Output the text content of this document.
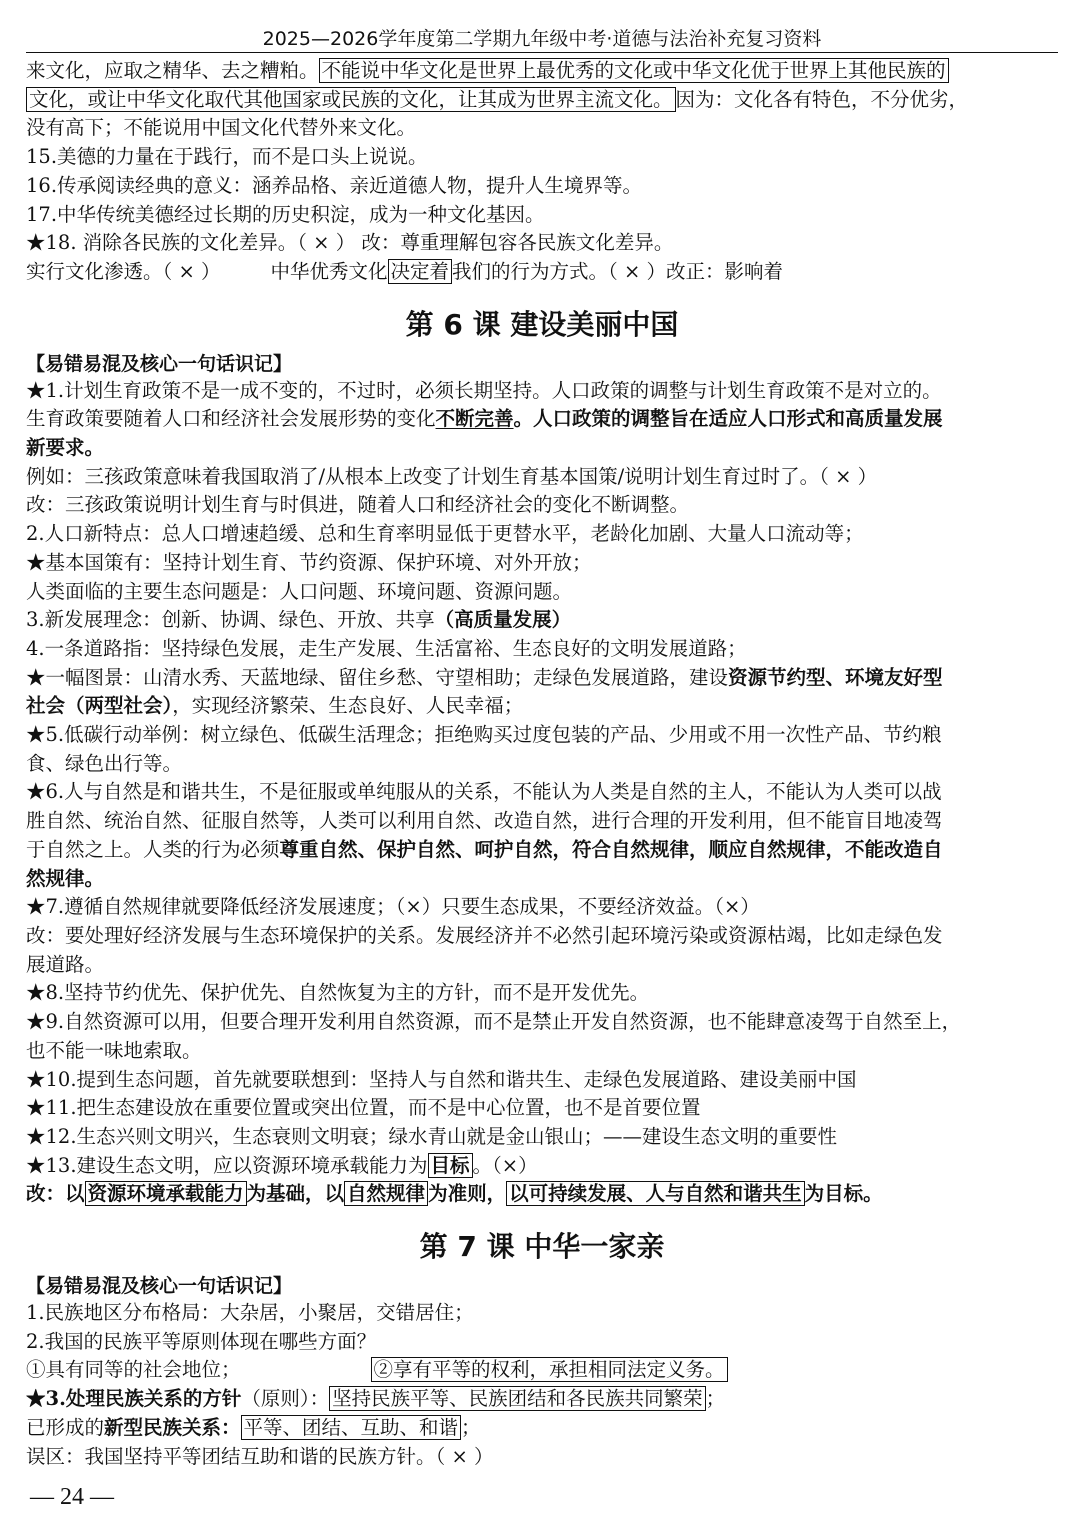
2025—2026学年度第二学期九年级中考·道德与法治补充复习资料
来文化，应取之精华、去之糟粕。 不能说中华文化是世界上最优秀的文化或中华文化优于世界上其他民族的
文化，或让中华文化取代其他国家或民族的文化，让其成为世界主流文化。 因为：文化各有特色，不分优劣，
没有高下；不能说用中国文化代替外来文化。
15.美德的力量在于践行，而不是口头上说说。
16.传承阅读经典的意义：涵养品格、亲近道德人物，提升人生境界等。
17.中华传统美德经过长期的历史积淀，成为一种文化基因。
★18. 消除各民族的文化差异。（ × ） 改：尊重理解包容各民族文化差异。
实行文化渗透。（ × ）	中华优秀文化 决定着 我们的行为方式。（ × ）改正：影响着
第 6 课 建设美丽中国
【易错易混及核心一句话识记】
★1.计划生育政策不是一成不变的，不过时，必须长期坚持。人口政策的调整与计划生育政策不是对立的。
生育政策要随着人口和经济社会发展形势的变化不断完善。人口政策的调整旨在适应人口形式和高质量发展
新要求。
例如：三孩政策意味着我国取消了/从根本上改变了计划生育基本国策/说明计划生育过时了。（ × ）
改：三孩政策说明计划生育与时俱进，随着人口和经济社会的变化不断调整。
2.人口新特点：总人口增速趋缓、总和生育率明显低于更替水平，老龄化加剧、大量人口流动等；
★基本国策有：坚持计划生育、节约资源、保护环境、对外开放；
人类面临的主要生态问题是：人口问题、环境问题、资源问题。
3.新发展理念：创新、协调、绿色、开放、共享（高质量发展）
4.一条道路指：坚持绿色发展，走生产发展、生活富裕、生态良好的文明发展道路；
★一幅图景：山清水秀、天蓝地绿、留住乡愁、守望相助；走绿色发展道路，建设资源节约型、环境友好型
社会（两型社会），实现经济繁荣、生态良好、人民幸福；
★5.低碳行动举例：树立绿色、低碳生活理念；拒绝购买过度包装的产品、少用或不用一次性产品、节约粮
食、绿色出行等。
★6.人与自然是和谐共生，不是征服或单纯服从的关系，不能认为人类是自然的主人，不能认为人类可以战
胜自然、统治自然、征服自然等，人类可以利用自然、改造自然，进行合理的开发利用，但不能盲目地凌驾
于自然之上。人类的行为必须尊重自然、保护自然、呵护自然，符合自然规律，顺应自然规律，不能改造自
然规律。
★7.遵循自然规律就要降低经济发展速度；（×）只要生态成果，不要经济效益。（×）
改：要处理好经济发展与生态环境保护的关系。发展经济并不必然引起环境污染或资源枯竭，比如走绿色发
展道路。
★8.坚持节约优先、保护优先、自然恢复为主的方针，而不是开发优先。
★9.自然资源可以用，但要合理开发利用自然资源，而不是禁止开发自然资源，也不能肆意凌驾于自然至上，
也不能一味地索取。
★10.提到生态问题，首先就要联想到：坚持人与自然和谐共生、走绿色发展道路、建设美丽中国
★11.把生态建设放在重要位置或突出位置，而不是中心位置，也不是首要位置
★12.生态兴则文明兴，生态衰则文明衰；绿水青山就是金山银山；——建设生态文明的重要性
★13.建设生态文明，应以资源环境承载能力为 目标 。（×）
改：以 资源环境承载能力 为基础，以 自然规律 为准则， 以可持续发展、人与自然和谐共生 为目标。
第 7 课 中华一家亲
【易错易混及核心一句话识记】
1.民族地区分布格局：大杂居，小聚居，交错居住；
2.我国的民族平等原则体现在哪些方面？
①具有同等的社会地位；	②享有平等的权利，承担相同法定义务。
★3.处理民族关系的方针（原则）： 坚持民族平等、民族团结和各民族共同繁荣 ；
已形成的新型民族关系： 平等、团结、互助、和谐 ；
误区：我国坚持平等团结互助和谐的民族方针。（ × ）
— 24 —
